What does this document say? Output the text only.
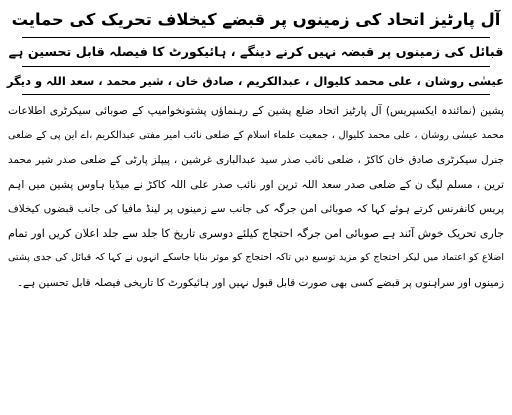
آل پارٹیز اتحاد کی زمینوں پر قبضے کیخلاف تحریک کی حمایت
قبائل کی زمینوں پر قبضہ نہیں کرنے دینگے ، ہائیکورٹ کا فیصلہ قابل تحسین ہے
عیسٰی روشان ، علی محمد کلیوال ، عبدالکریم ، صادق خان ، شیر محمد ، سعد اللہ و دیگر
پشین (نمائندہ ایکسپریس) آل پارٹیز اتحاد ضلع پشین کے رہنماؤں پشتونخوامیپ کے صوبائی سیکرٹری اطلاعات
محمد عیسٰی روشان ، علی محمد کلیوال ، جمعیت علماء اسلام کے ضلعی نائب امیر مفتی عبدالکریم ،اے این پی کے ضلعی
جنرل سیکرٹری صادق خان کاکڑ ، ضلعی نائب صدر سید عبدالباری غرشین ، پیپلز پارٹی کے ضلعی صدر شیر محمد
ترین ، مسلم لیگ ن کے ضلعی صدر سعد اللہ ترین اور نائب صدر علی اللہ کاکڑ نے میڈیا ہاوس پشین میں اہم
پریس کانفرنس کرتے ہوئے کہا کہ صوبائی امن جرگہ کی جانب سے زمینوں پر لینڈ مافیا کی جانب قبضوں کیخلاف
جاری تحریک خوش آئند ہے صوبائی امن جرگہ احتجاج کیلئے دوسری تاریخ کا جلد سے جلد اعلان کریں اور تمام
اضلاع کو اعتماد میں لیکر احتجاج کو مزید توسیع دیں تاکہ احتجاج کو موثر بنایا جاسکے انہوں نے کہا کہ قبائل کی جدی پشتی
زمینوں اور سراہنوں پر قبضے کسی بھی صورت قابل قبول نہیں اور ہائیکورٹ کا تاریخی فیصلہ قابل تحسین ہے۔
